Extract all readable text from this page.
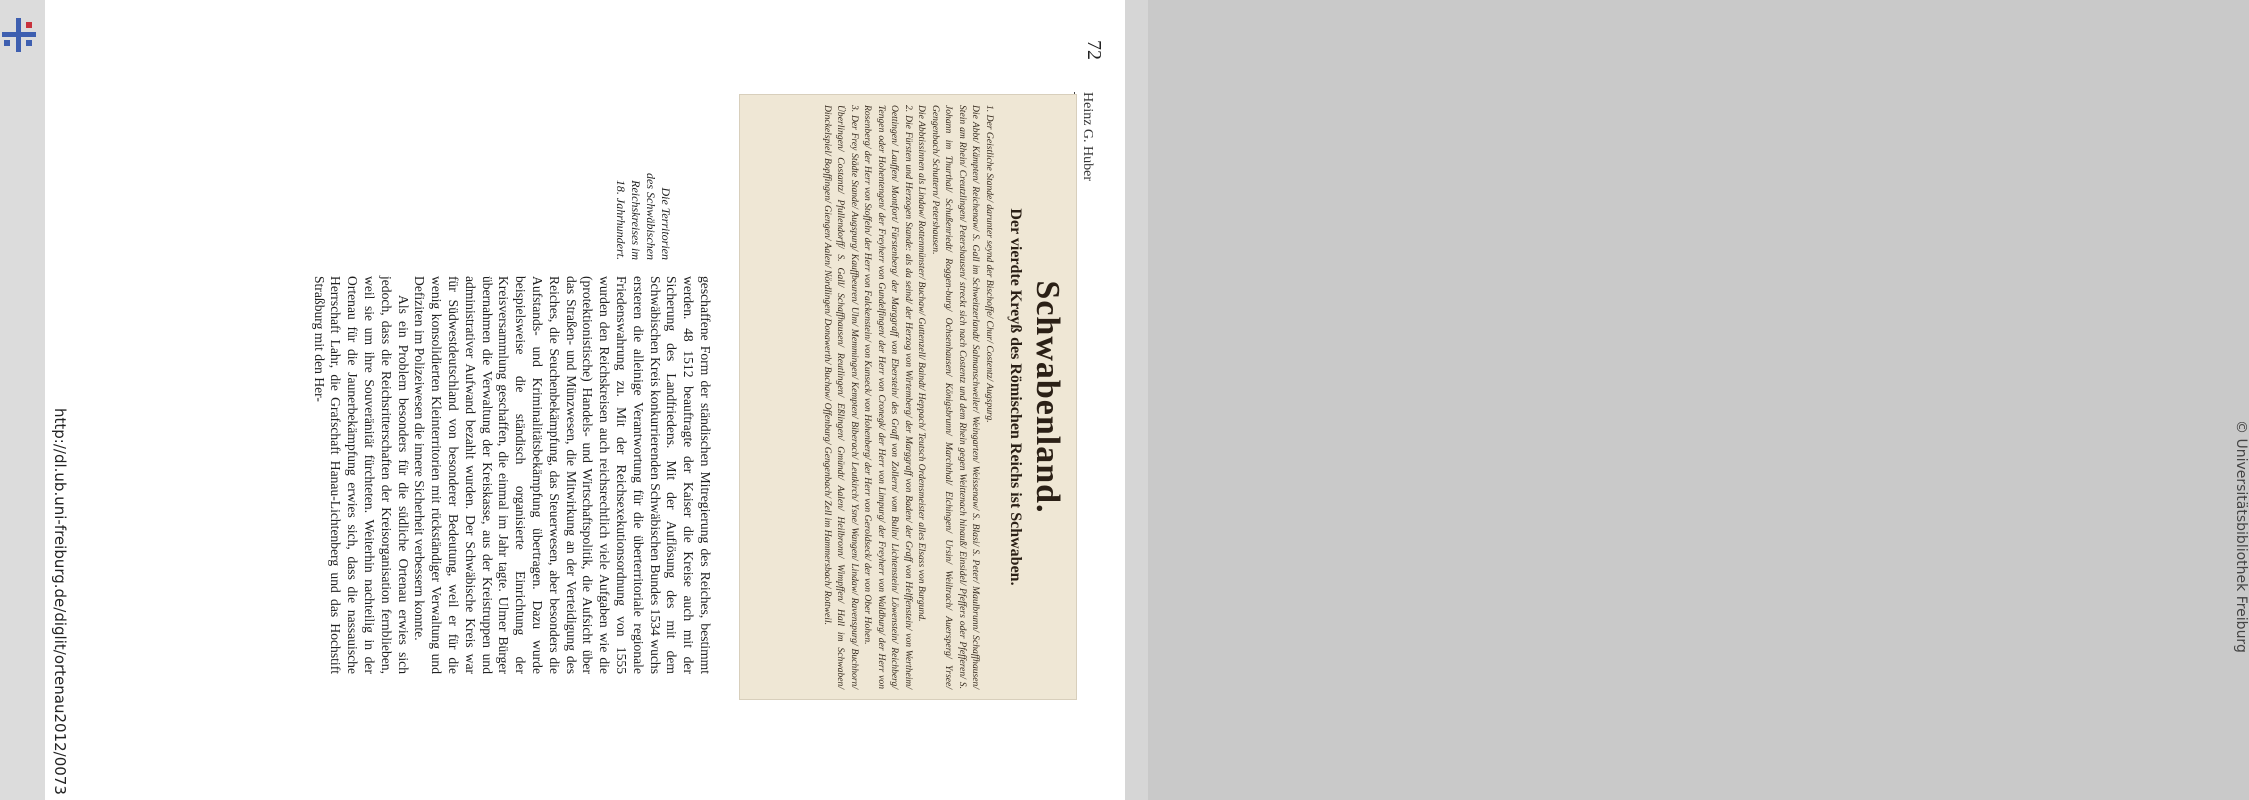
72
Heinz G. Huber
Schwabenland.
Der vierdte Kreyß des Römischen Reichs ist Schwaben.

1. Der Geistliche Stande/ darunter seynd der Bischoffe/ Chur/ Costentz/ Augspurg.

Die Abbt/ Kämpten/ Reichenaw/ S. Gall im Schweitzerlandt/ Salmanschweiler/ Weingarten/ Weissenaw/ S. Blasi/ S. Peter/ Maulbrunn/ Schaffhausen/ Stein am Rhein/ Creutzlingen/ Petershausen/ streckt sich nach Costentz und dem Rhein gegen Weittenach hinauß/ Einsidel/ Pfeffers oder Pfefferen/ S. Johann im Thurthal/ Schußenriedt/ Roggen-burg/ Ochsenhausen/ Königsbrunn/ Marchthal/ Elchingen/ Ursin/ Weiltrach/ Auersperg/ Yrsee/ Gengenbach/ Schuttern/ Petershausen.

Die Abbtissinnen als Lindaw/ Rottenmünster/ Buchaw/ Guttenzell/ Baindt/ Heppach/ Teutsch Ordensmeister alles Elsass von Burgund.

2. Die Fürsten und Herzogen Stande: als da seind/ der Herzog von Wirtemberg/ der Marggraff von Baden/ der Graff von Helffenstein/ von Wertheim/ Oettingen/ Lauffen/ Montfort/ Fürstenberg/ der Marggraff von Eberstein/ des Graff von Zollern/ vom Bulin/ Lichtenstein/ Löwenstein/ Reichberg/ Tengen oder Hohentengen/ der Freyherr von Gundelfingen/ der Herr von Cronegk/ der Herr von Limpurg/ der Freyherr von Waldburg/ der Herr von Rosenberg/ der Herr von Stoffeln/ der Herr von Falckenstein/ von Kunseck/ von Hohenberg/ der Herr von Geroldseck/ der von Ober Hohen.

3. Der Frey Städte Stande/ Augspurg/ Kauffbeuren/ Ulm/ Memmingen/ Kempten/ Biberach/ Leutkirch/ Ysne/ Wangen/ Lindaw/ Ravenspurg/ Buchhorn/ Überlingen/ Costantz/ Pfullendorff/ S. Gall/ Schaffhausen/ Reutlingen/ Eßlingen/ Gmündt/ Aalen/ Heilbronn/ Wimpffen/ Hall im Schwaben/ Dinckelspiel/ Bopffingen/ Giengen/ Aalen/ Nördlingen/ Donawerth/ Buchaw/ Offenburg/ Gengenbach/ Zell im Hammersbach/ Rottweil.

Die Territorien
des Schwäbischen
Reichskreises im
18. Jahrhundert.

geschaffene Form der ständischen Mitregierung des Reiches, bestimmt werden. 48 1512 beauftragte der Kaiser die Kreise auch mit der Sicherung des Landfriedens. Mit der Auflösung des mit dem Schwäbischen Kreis konkurrierenden Schwäbischen Bundes 1534 wuchs ersteren die alleinige Verantwortung für die überterritoriale regionale Friedenswahrung zu. Mit der Reichsexekutionsordnung von 1555 wurden den Reichskreisen auch reichsrechtlich viele Aufgaben wie die (protektionistische) Handels- und Wirtschaftspolitik, die Aufsicht über das Straßen- und Münzwesen, die Mitwirkung an der Verteidigung des Reiches, die Seuchenbekämpfung, das Steuerwesen, aber besonders die Aufstands- und Kriminalitätsbekämpfung übertragen. Dazu wurde beispielsweise die ständisch organisierte Einrichtung der Kreisversammlung geschaffen, die einmal im Jahr tagte. Ulmer Bürger übernahmen die Verwaltung der Kreiskasse, aus der Kreistruppen und administrativer Aufwand bezahlt wurden. Der Schwäbische Kreis war für Südwestdeutschland von besonderer Bedeutung, weil er für die wenig konsolidierten Kleinterritorien mit rückständiger Verwaltung und Defiziten im Polizeiwesen die innere Sicherheit verbessern konnte.

Als ein Problem besonders für die südliche Ortenau erwies sich jedoch, dass die Reichsritterschaften der Kreisorganisation fernblieben, weil sie um ihre Souveränität fürchteten. Weiterhin nachteilig in der Ortenau für die Jaunerbekämpfung erwies sich, dass die nassauische Herrschaft Lahr, die Grafschaft Hanau-Lichtenberg und das Hochstift Straßburg mit den Her-

http://dl.ub.uni-freiburg.de/diglit/ortenau2012/0073	© Universitätsbibliothek Freiburg
